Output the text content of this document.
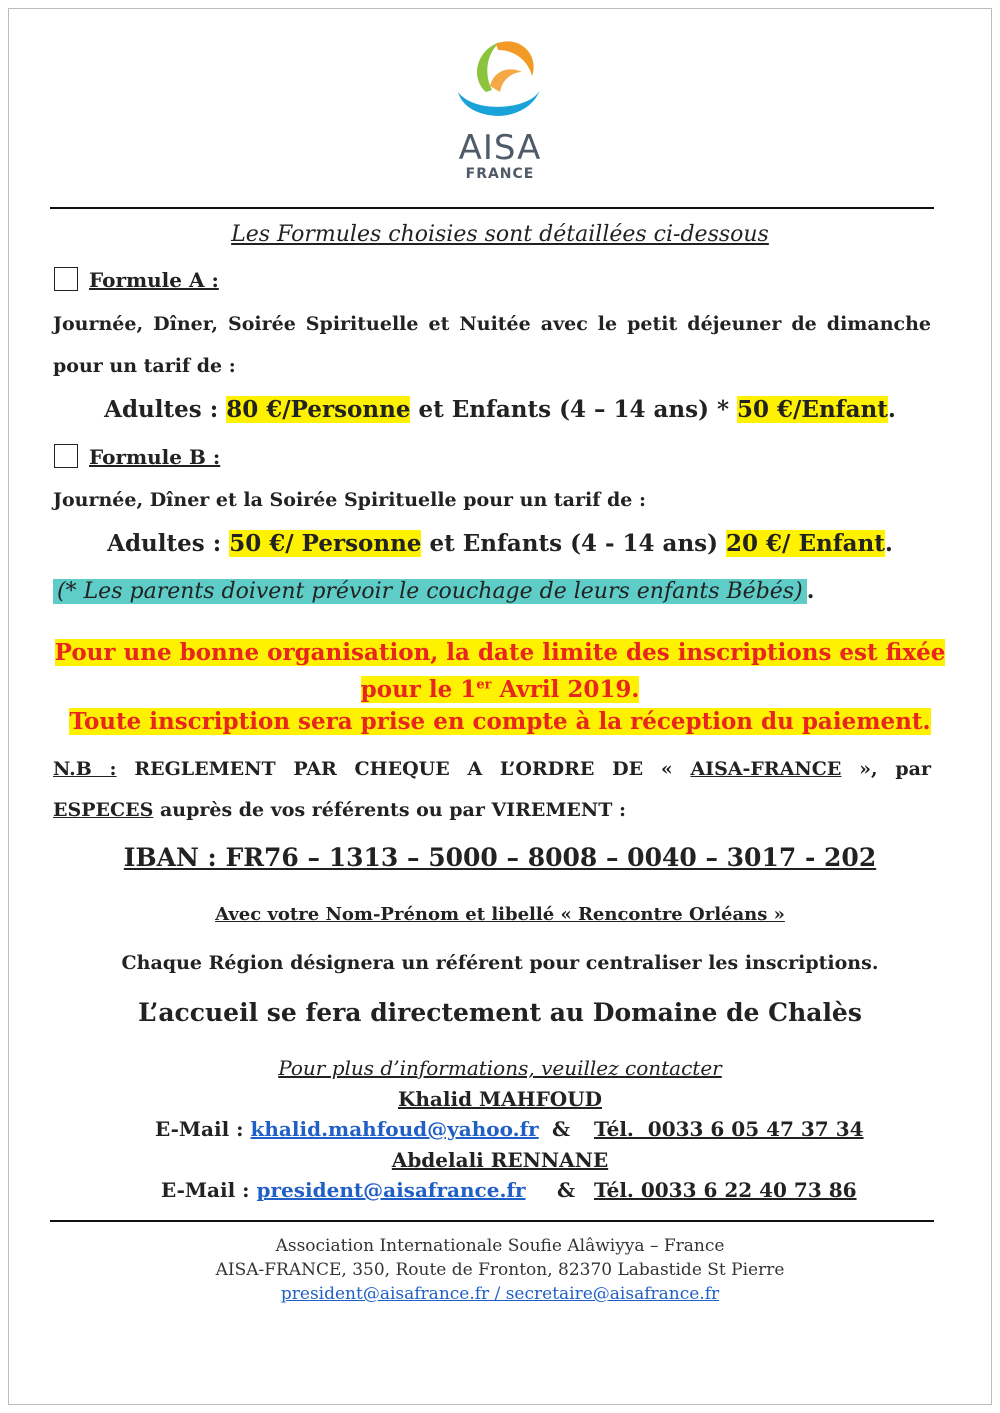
AISA
FRANCE
Les Formules choisies sont détaillées ci-dessous
Formule A :
Journée, Dîner, Soirée Spirituelle et Nuitée avec le petit déjeuner de dimanche
pour un tarif de :
Adultes : 80 €/Personne et Enfants (4 – 14 ans) * 50 €/Enfant.
Formule B :
Journée, Dîner et la Soirée Spirituelle pour un tarif de :
Adultes : 50 €/ Personne et Enfants (4 - 14 ans) 20 €/ Enfant.
(* Les parents doivent prévoir le couchage de leurs enfants Bébés) .
Pour une bonne organisation, la date limite des inscriptions est fixée
pour le 1er Avril 2019.
Toute inscription sera prise en compte à la réception du paiement.
N.B : REGLEMENT PAR CHEQUE A L’ORDRE DE « AISA-FRANCE », par
ESPECES auprès de vos référents ou par VIREMENT :
IBAN : FR76 – 1313 – 5000 – 8008 – 0040 – 3017 - 202
Avec votre Nom-Prénom et libellé « Rencontre Orléans »
Chaque Région désignera un référent pour centraliser les inscriptions.
L’accueil se fera directement au Domaine de Chalès
Pour plus d’informations, veuillez contacter
Khalid MAHFOUD
E-Mail : khalid.mahfoud@yahoo.fr & Tél.  0033 6 05 47 37 34
Abdelali RENNANE
E-Mail : president@aisafrance.fr & Tél. 0033 6 22 40 73 86
Association Internationale Soufie Alâwiyya – France
AISA-FRANCE, 350, Route de Fronton, 82370 Labastide St Pierre
president@aisafrance.fr / secretaire@aisafrance.fr
